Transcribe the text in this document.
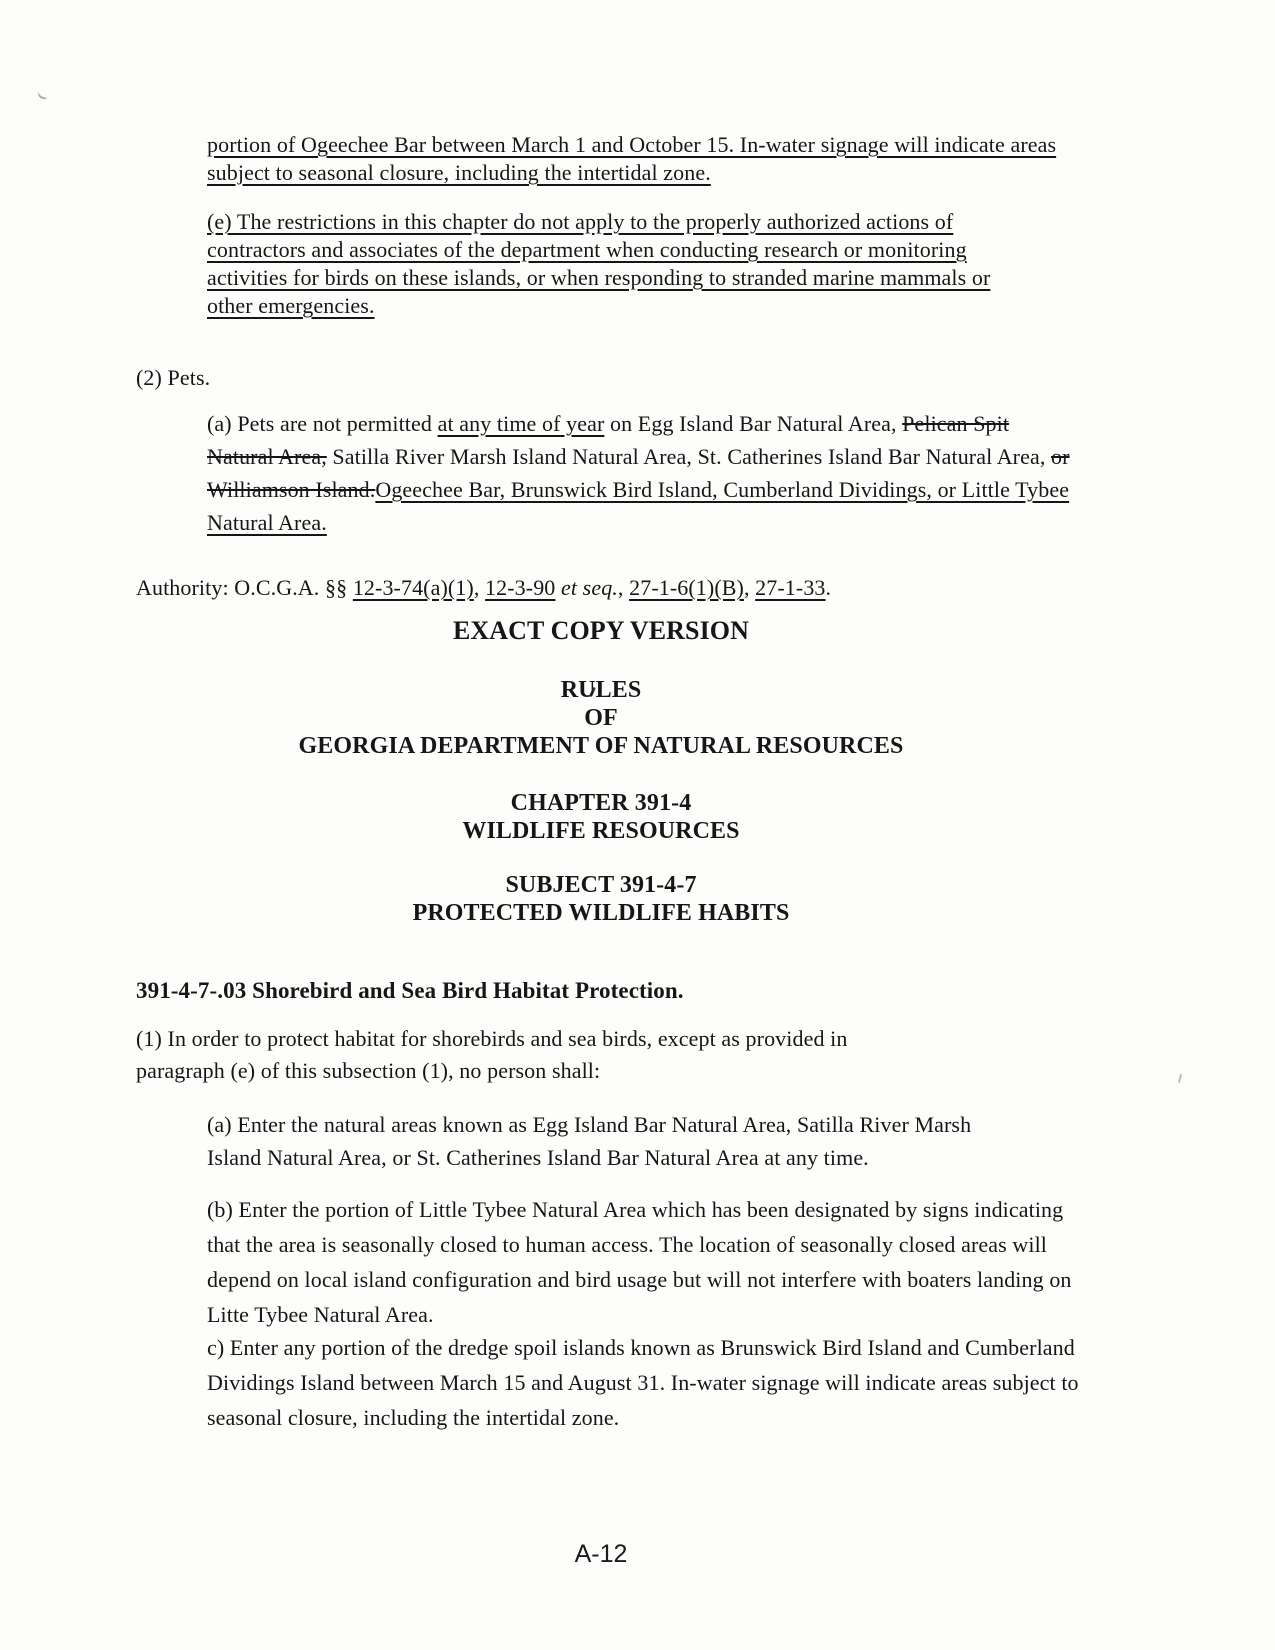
portion of Ogeechee Bar between March 1 and October 15. In-water signage will indicate areas
subject to seasonal closure, including the intertidal zone.
(e) The restrictions in this chapter do not apply to the properly authorized actions of
contractors and associates of the department when conducting research or monitoring
activities for birds on these islands, or when responding to stranded marine mammals or
other emergencies.
(2) Pets.
(a) Pets are not permitted at any time of year on Egg Island Bar Natural Area, Pelican Spit
Natural Area, Satilla River Marsh Island Natural Area, St. Catherines Island Bar Natural Area, or
Williamson Island.Ogeechee Bar, Brunswick Bird Island, Cumberland Dividings, or Little Tybee
Natural Area.
Authority: O.C.G.A. §§ 12-3-74(a)(1), 12-3-90 et seq., 27-1-6(1)(B), 27-1-33.
EXACT COPY VERSION
RULES
OF
GEORGIA DEPARTMENT OF NATURAL RESOURCES
CHAPTER 391-4
WILDLIFE RESOURCES
SUBJECT 391-4-7
PROTECTED WILDLIFE HABITS
391-4-7-.03 Shorebird and Sea Bird Habitat Protection.
(1) In order to protect habitat for shorebirds and sea birds, except as provided in
paragraph (e) of this subsection (1), no person shall:
(a) Enter the natural areas known as Egg Island Bar Natural Area, Satilla River Marsh
Island Natural Area, or St. Catherines Island Bar Natural Area at any time.
(b) Enter the portion of Little Tybee Natural Area which has been designated by signs indicating
that the area is seasonally closed to human access. The location of seasonally closed areas will
depend on local island configuration and bird usage but will not interfere with boaters landing on
Litte Tybee Natural Area.
c) Enter any portion of the dredge spoil islands known as Brunswick Bird Island and Cumberland
Dividings Island between March 15 and August 31. In-water signage will indicate areas subject to
seasonal closure, including the intertidal zone.
A-12
